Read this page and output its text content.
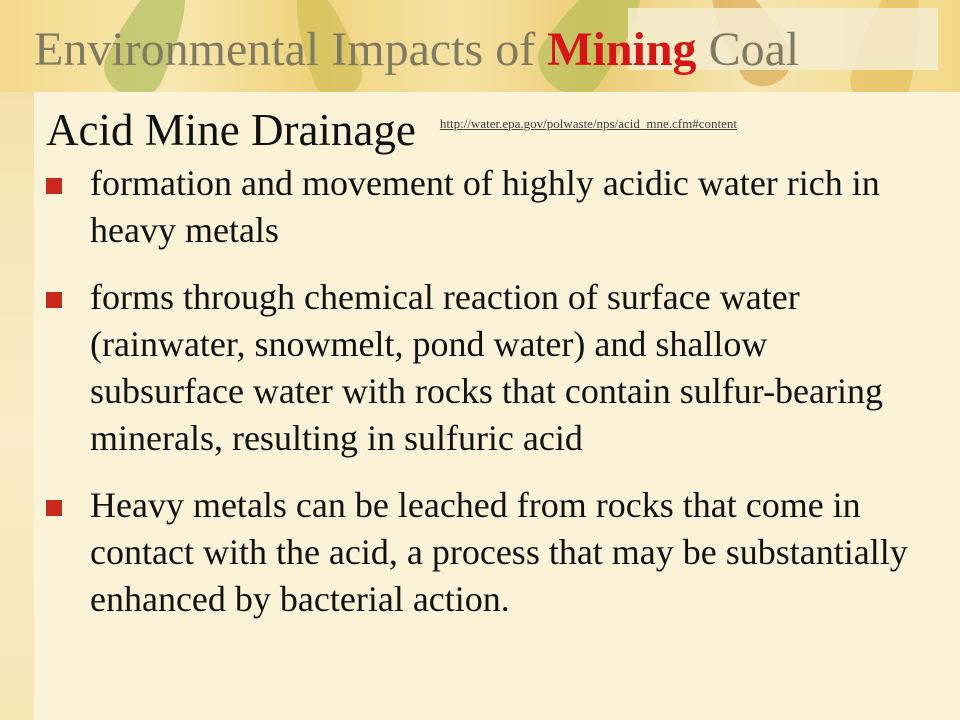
Environmental Impacts of Mining Coal
Acid Mine Drainage $^{http://water.epa.gov/polwaste/nps/acid\_mne.cfm\#content}$
formation and movement of highly acidic water rich in heavy metals
forms through chemical reaction of surface water (rainwater, snowmelt, pond water) and shallow subsurface water with rocks that contain sulfur-bearing minerals, resulting in sulfuric acid
Heavy metals can be leached from rocks that come in contact with the acid, a process that may be substantially enhanced by bacterial action.
